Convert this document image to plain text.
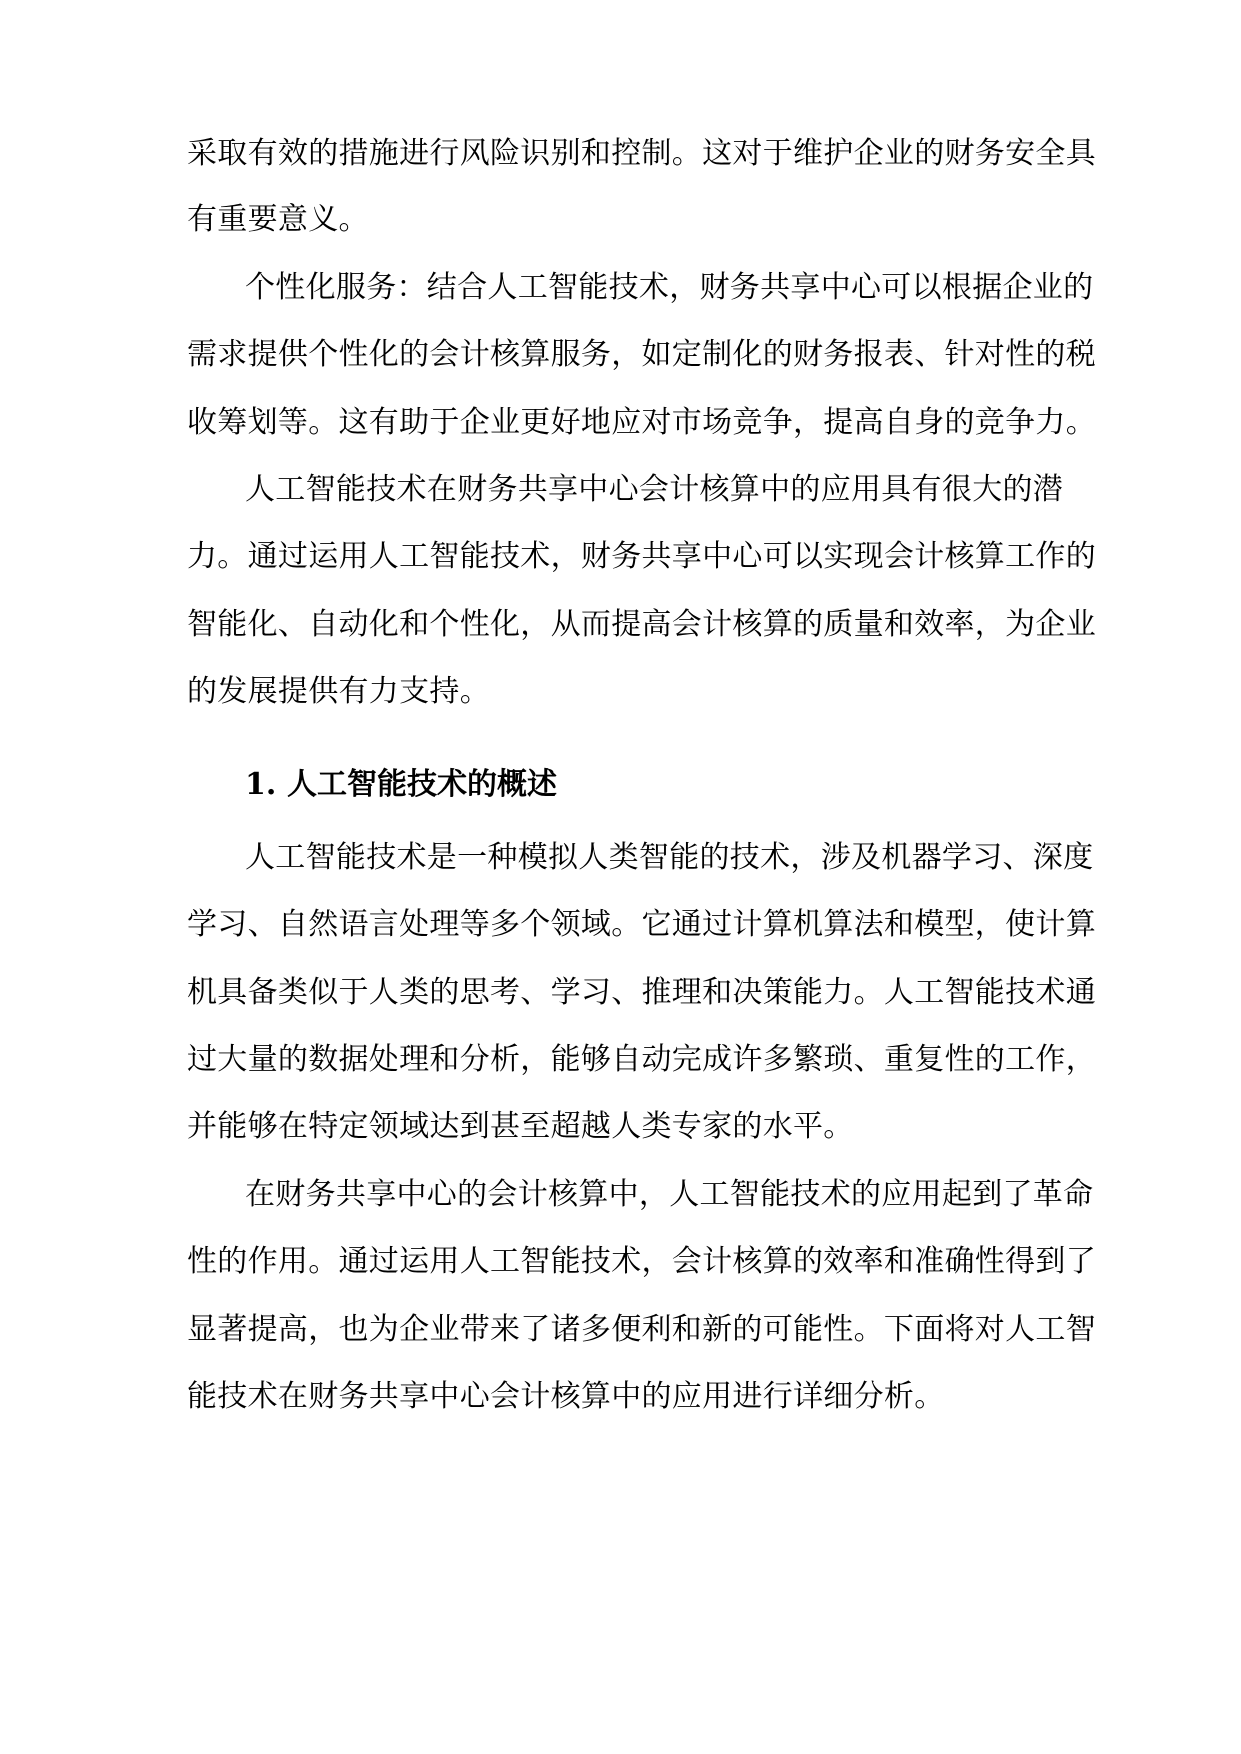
采取有效的措施进行风险识别和控制。这对于维护企业的财务安全具
有重要意义。
个性化服务：结合人工智能技术，财务共享中心可以根据企业的
需求提供个性化的会计核算服务，如定制化的财务报表、针对性的税
收筹划等。这有助于企业更好地应对市场竞争，提高自身的竞争力。
人工智能技术在财务共享中心会计核算中的应用具有很大的潜
力。通过运用人工智能技术，财务共享中心可以实现会计核算工作的
智能化、自动化和个性化，从而提高会计核算的质量和效率，为企业
的发展提供有力支持。
1. 人工智能技术的概述
人工智能技术是一种模拟人类智能的技术，涉及机器学习、深度
学习、自然语言处理等多个领域。它通过计算机算法和模型，使计算
机具备类似于人类的思考、学习、推理和决策能力。人工智能技术通
过大量的数据处理和分析，能够自动完成许多繁琐、重复性的工作，
并能够在特定领域达到甚至超越人类专家的水平。
在财务共享中心的会计核算中，人工智能技术的应用起到了革命
性的作用。通过运用人工智能技术，会计核算的效率和准确性得到了
显著提高，也为企业带来了诸多便利和新的可能性。下面将对人工智
能技术在财务共享中心会计核算中的应用进行详细分析。
